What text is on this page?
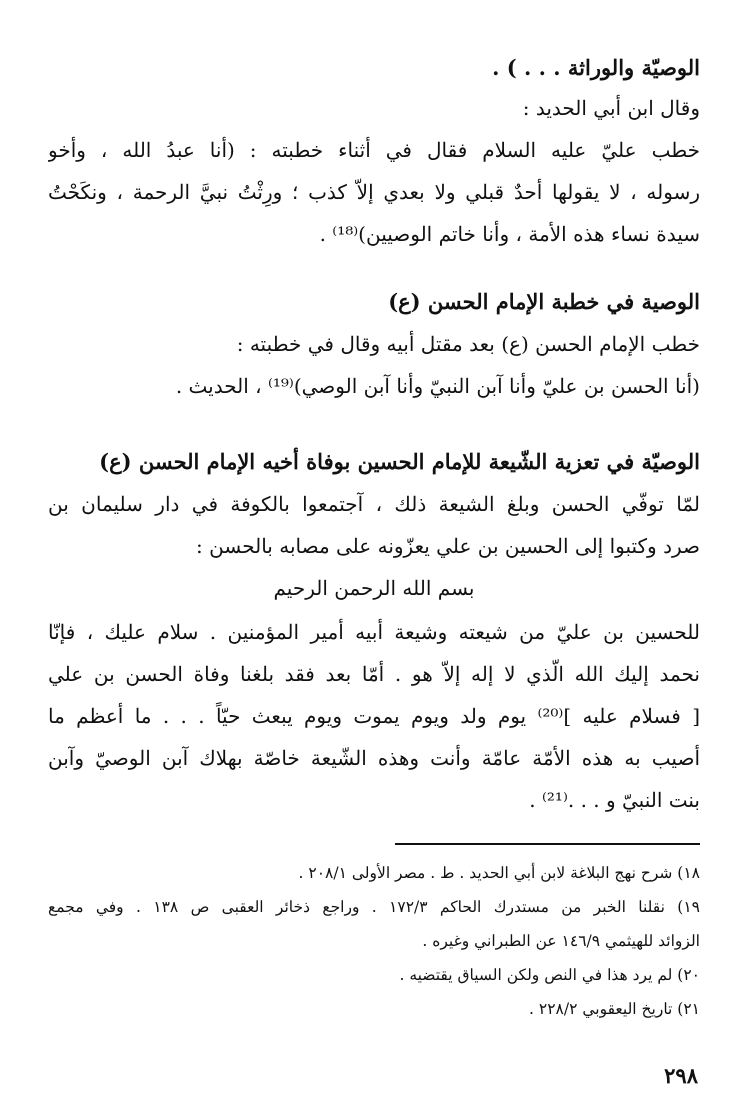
الوصيّة والوراثة . . . ) .
وقال ابن أبي الحديد :
خطب عليّ عليه السلام فقال في أثناء خطبته : (أنا عبدُ الله ، وأخو
رسوله ، لا يقولها أحدٌ قبلي ولا بعدي إلاّ كذب ؛ ورِثْتُ نبيَّ الرحمة ، ونكَحْتُ
سيدة نساء هذه الأمة ، وأنا خاتم الوصيين)⁽¹⁸⁾ .
الوصية في خطبة الإمام الحسن (ع)
خطب الإمام الحسن (ع) بعد مقتل أبيه وقال في خطبته :
(أنا الحسن بن عليّ وأنا آبن النبيّ وأنا آبن الوصي)⁽¹⁹⁾ ، الحديث .
الوصيّة في تعزية الشّيعة للإمام الحسين بوفاة أخيه الإمام الحسن (ع)
لمّا توفّي الحسن وبلغ الشيعة ذلك ، آجتمعوا بالكوفة في دار سليمان بن
صرد وكتبوا إلى الحسين بن علي يعزّونه على مصابه بالحسن :
بسم الله الرحمن الرحيم
للحسين بن عليّ من شيعته وشيعة أبيه أمير المؤمنين . سلام عليك ، فإنّا
نحمد إليك الله الّذي لا إله إلاّ هو . أمّا بعد فقد بلغنا وفاة الحسن بن علي
[ فسلام عليه ]⁽²⁰⁾ يوم ولد ويوم يموت ويوم يبعث حيّاً . . . ما أعظم ما
أصيب به هذه الأمّة عامّة وأنت وهذه الشّيعة خاصّة بهلاك آبن الوصيّ وآبن
بنت النبيّ و . . .⁽²¹⁾ .
١٨) شرح نهج البلاغة لابن أبي الحديد . ط . مصر الأولى ٢٠٨/١ .
١٩) نقلنا الخبر من مستدرك الحاكم ١٧٢/٣ . وراجع ذخائر العقبى ص ١٣٨ . وفي مجمع
الزوائد للهيثمي ١٤٦/٩ عن الطبراني وغيره .
٢٠) لم يرد هذا في النص ولكن السياق يقتضيه .
٢١) تاريخ اليعقوبي ٢٢٨/٢ .
٢٩٨
